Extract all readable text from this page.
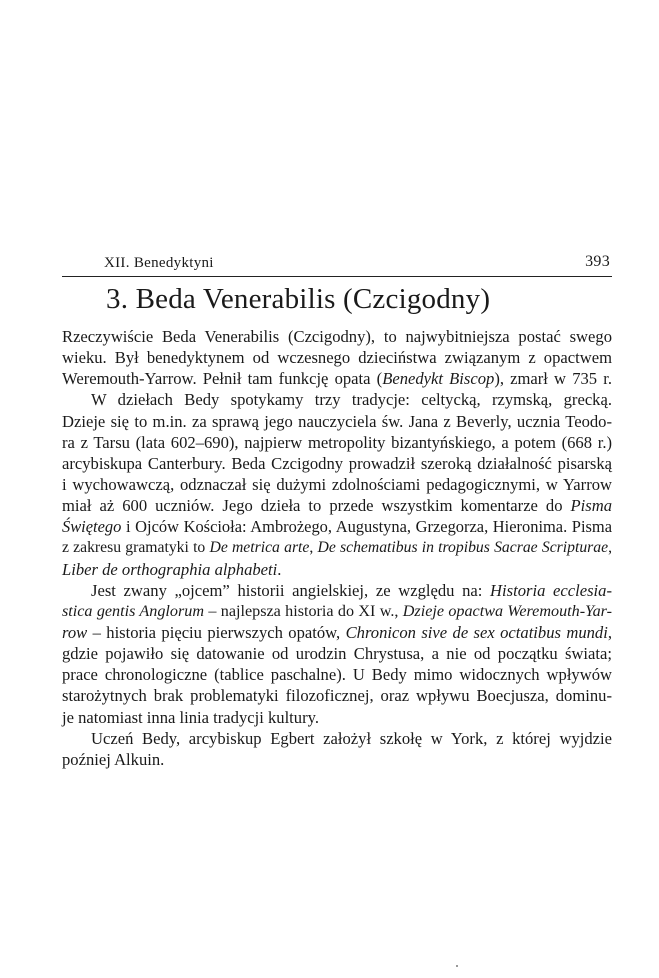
XII. Benedyktyni	393
3. Beda Venerabilis (Czcigodny)
Rzeczywiście Beda Venerabilis (Czcigodny), to najwybitniejsza postać swego
wieku. Był benedyktynem od wczesnego dzieciństwa związanym z opactwem
Weremouth-Yarrow. Pełnił tam funkcję opata (Benedykt Biscop), zmarł w 735 r.
W dziełach Bedy spotykamy trzy tradycje: celtycką, rzymską, grecką.
Dzieje się to m.in. za sprawą jego nauczyciela św. Jana z Beverly, ucznia Teodo-
ra z Tarsu (lata 602–690), najpierw metropolity bizantyńskiego, a potem (668 r.)
arcybiskupa Canterbury. Beda Czcigodny prowadził szeroką działalność pisarską
i wychowawczą, odznaczał się dużymi zdolnościami pedagogicznymi, w Yarrow
miał aż 600 uczniów. Jego dzieła to przede wszystkim komentarze do Pisma
Świętego i Ojców Kościoła: Ambrożego, Augustyna, Grzegorza, Hieronima. Pisma
z zakresu gramatyki to De metrica arte, De schematibus in tropibus Sacrae Scripturae,
Liber de orthographia alphabeti.
Jest zwany „ojcem” historii angielskiej, ze względu na: Historia ecclesia-
stica gentis Anglorum – najlepsza historia do XI w., Dzieje opactwa Weremouth-Yar-
row – historia pięciu pierwszych opatów, Chronicon sive de sex octatibus mundi,
gdzie pojawiło się datowanie od urodzin Chrystusa, a nie od początku świata;
prace chronologiczne (tablice paschalne). U Bedy mimo widocznych wpływów
starożytnych brak problematyki filozoficznej, oraz wpływu Boecjusza, dominu-
je natomiast inna linia tradycji kultury.
Uczeń Bedy, arcybiskup Egbert założył szkołę w York, z której wyjdzie
poźniej Alkuin.
